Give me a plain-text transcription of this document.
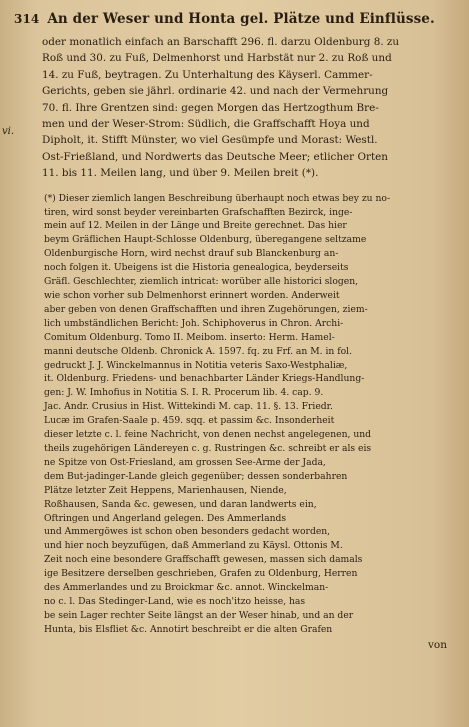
314 An der Weser und Honta gel. Plätze und Einflüsse.
vi.
oder monatlich einfach an Barschafft 296. fl. darzu Oldenburg 8. zu
Roß und 30. zu Fuß, Delmenhorst und Harbstät nur 2. zu Roß und
14. zu Fuß, beytragen. Zu Unterhaltung des Käyserl. Cammer-
Gerichts, geben sie jährl. ordinarie 42. und nach der Vermehrung
70. fl. Ihre Grentzen sind: gegen Morgen das Hertzogthum Bre-
men und der Weser-Strom: Südlich, die Graffschafft Hoya und
Dipholt, it. Stifft Münster, wo viel Gesümpfe und Morast: Westl.
Ost-Frießland, und Nordwerts das Deutsche Meer; etlicher Orten
11. bis 11. Meilen lang, und über 9. Meilen breit (*).
(*) Dieser ziemlich langen Beschreibung überhaupt noch etwas bey zu no-
tiren, wird sonst beyder vereinbarten Grafschafften Bezirck, inge-
mein auf 12. Meilen in der Länge und Breite gerechnet. Das hier
beym Gräflichen Haupt-Schlosse Oldenburg, überegangene seltzame
Oldenburgische Horn, wird nechst drauf sub Blanckenburg an-
noch folgen it. Ubeigens ist die Historia genealogica, beyderseits
Gräfl. Geschlechter, ziemlich intricat: worüber alle historici slogen,
wie schon vorher sub Delmenhorst erinnert worden. Anderweit
aber geben von denen Graffschafften und ihren Zugehörungen, ziem-
lich umbständlichen Bericht: Joh. Schiphoverus in Chron. Archi-
Comitum Oldenburg. Tomo II. Meibom. inserto: Herm. Hamel-
manni deutsche Oldenb. Chronick A. 1597. fq. zu Frf. an M. in fol.
gedruckt J. J. Winckelmannus in Notitia veteris Saxo-Westphaliæ,
it. Oldenburg. Friedens- und benachbarter Länder Kriegs-Handlung-
gen: J. W. Imhofius in Notitia S. I. R. Procerum lib. 4. cap. 9.
Jac. Andr. Crusius in Hist. Wittekindi M. cap. 11. §. 13. Friedr.
Lucæ im Grafen-Saale p. 459. sqq. et passim &c. Insonderheit
dieser letzte c. l. feine Nachricht, von denen nechst angelegenen, und
theils zugehörigen Ländereyen c. g. Rustringen &c. schreibt er als eis
ne Spitze von Ost-Friesland, am grossen See-Arme der Jada,
dem But-jadinger-Lande gleich gegenüber; dessen sonderbahren
Plätze letzter Zeit Heppens, Marienhausen, Niende,
Roßhausen, Sanda &c. gewesen, und daran landwerts ein,
Oftringen und Angerland gelegen. Des Ammerlands
und Ammergöwes ist schon oben besonders gedacht worden,
und hier noch beyzufügen, daß Ammerland zu Käysl. Ottonis M.
Zeit noch eine besondere Graffschafft gewesen, massen sich damals
ige Besitzere derselben geschrieben, Grafen zu Oldenburg, Herren
des Ammerlandes und zu Broickmar &c. annot. Winckelman-
no c. l. Das Stedinger-Land, wie es noch'itzo heisse, has
be sein Lager rechter Seite längst an der Weser hinab, und an der
Hunta, bis Elsfliet &c. Annotirt beschreibt er die alten Grafen
von
